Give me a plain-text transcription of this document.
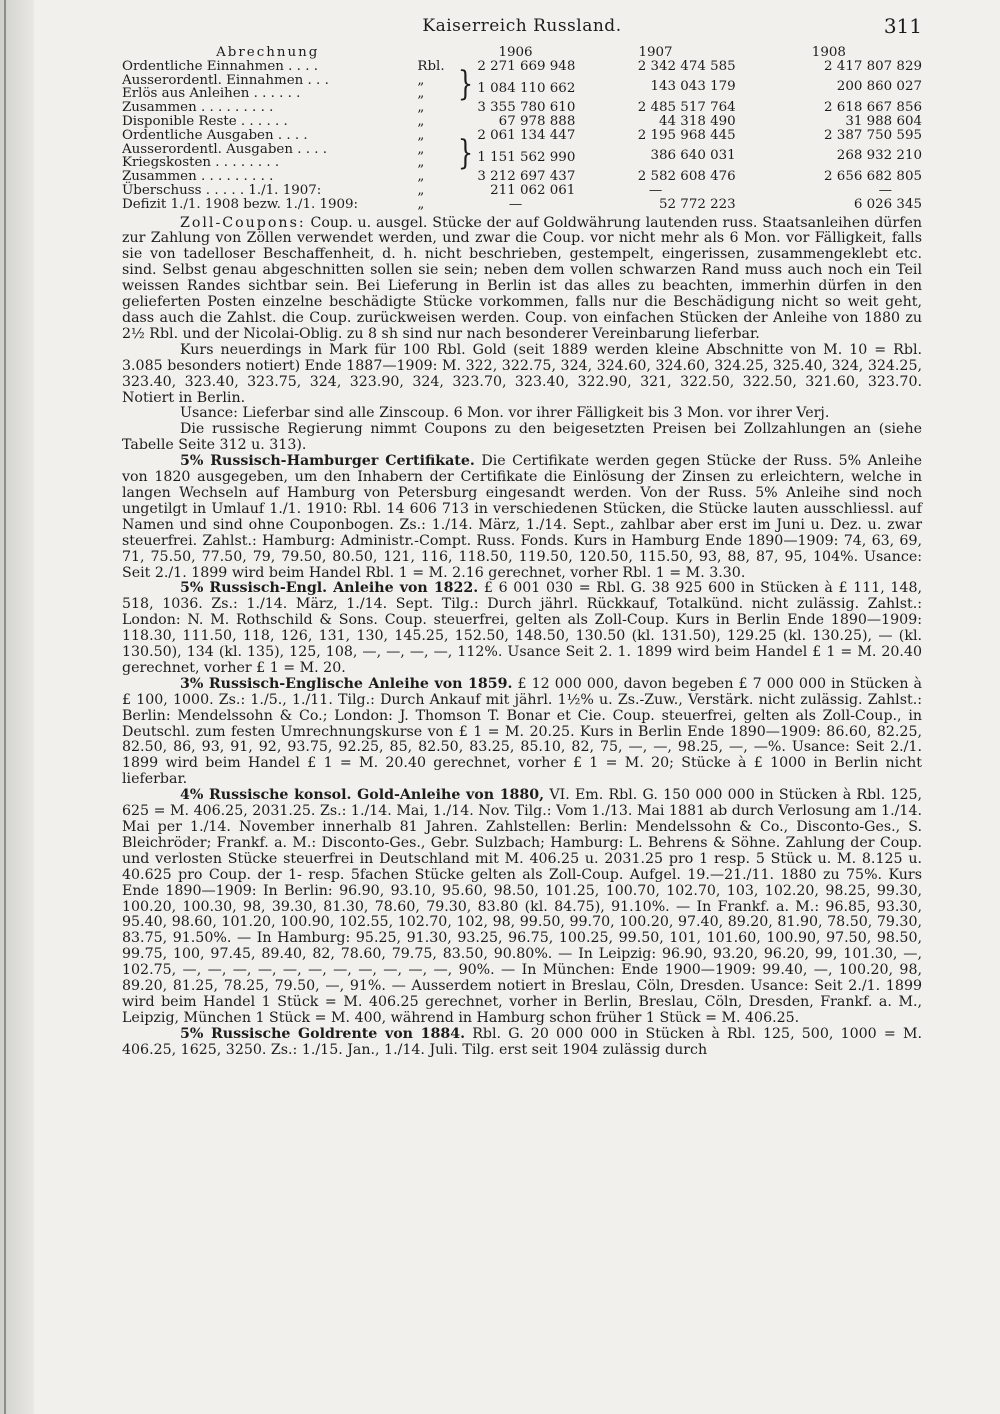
Kaiserreich Russland.	311
Abrechnung		1906	1907	1908
Ordentliche Einnahmen . . . .	Rbl.	2 271 669 948	2 342 474 585	2 417 807 829
Ausserordentl. Einnahmen . . .	„	} 1 084 110 662	143 043 179	200 860 027
Erlös aus Anleihen . . . . . .	„			
Zusammen . . . . . . . . .	„	3 355 780 610	2 485 517 764	2 618 667 856
Disponible Reste . . . . . .	„	67 978 888	44 318 490	31 988 604
Ordentliche Ausgaben . . . .	„	2 061 134 447	2 195 968 445	2 387 750 595
Ausserordentl. Ausgaben . . . .	„	} 1 151 562 990	386 640 031	268 932 210
Kriegskosten . . . . . . . .	„			
Zusammen . . . . . . . . .	„	3 212 697 437	2 582 608 476	2 656 682 805
Überschuss . . . . . 1./1. 1907:	„	211 062 061	—	—
Defizit 1./1. 1908 bezw. 1./1. 1909:	„	—	52 772 223	6 026 345

Zoll-Coupons: Coup. u. ausgel. Stücke der auf Goldwährung lautenden russ. Staatsanleihen dürfen zur Zahlung von Zöllen verwendet werden, und zwar die Coup. vor nicht mehr als 6 Mon. vor Fälligkeit, falls sie von tadelloser Beschaffenheit, d. h. nicht beschrieben, gestempelt, eingerissen, zusammengeklebt etc. sind. Selbst genau abgeschnitten sollen sie sein; neben dem vollen schwarzen Rand muss auch noch ein Teil weissen Randes sichtbar sein. Bei Lieferung in Berlin ist das alles zu beachten, immerhin dürfen in den gelieferten Posten einzelne beschädigte Stücke vorkommen, falls nur die Beschädigung nicht so weit geht, dass auch die Zahlst. die Coup. zurückweisen werden. Coup. von einfachen Stücken der Anleihe von 1880 zu 2½ Rbl. und der Nicolai-Oblig. zu 8 sh sind nur nach besonderer Vereinbarung lieferbar.

Kurs neuerdings in Mark für 100 Rbl. Gold (seit 1889 werden kleine Abschnitte von M. 10 = Rbl. 3.085 besonders notiert) Ende 1887—1909: M. 322, 322.75, 324, 324.60, 324.60, 324.25, 325.40, 324, 324.25, 323.40, 323.40, 323.75, 324, 323.90, 324, 323.70, 323.40, 322.90, 321, 322.50, 322.50, 321.60, 323.70. Notiert in Berlin.

Usance: Lieferbar sind alle Zinscoup. 6 Mon. vor ihrer Fälligkeit bis 3 Mon. vor ihrer Verj.

Die russische Regierung nimmt Coupons zu den beigesetzten Preisen bei Zollzahlungen an (siehe Tabelle Seite 312 u. 313).

5% Russisch-Hamburger Certifikate. Die Certifikate werden gegen Stücke der Russ. 5% Anleihe von 1820 ausgegeben, um den Inhabern der Certifikate die Einlösung der Zinsen zu erleichtern, welche in langen Wechseln auf Hamburg von Petersburg eingesandt werden. Von der Russ. 5% Anleihe sind noch ungetilgt in Umlauf 1./1. 1910: Rbl. 14 606 713 in verschiedenen Stücken, die Stücke lauten ausschliessl. auf Namen und sind ohne Couponbogen. Zs.: 1./14. März, 1./14. Sept., zahlbar aber erst im Juni u. Dez. u. zwar steuerfrei. Zahlst.: Hamburg: Administr.-Compt. Russ. Fonds. Kurs in Hamburg Ende 1890—1909: 74, 63, 69, 71, 75.50, 77.50, 79, 79.50, 80.50, 121, 116, 118.50, 119.50, 120.50, 115.50, 93, 88, 87, 95, 104%. Usance: Seit 2./1. 1899 wird beim Handel Rbl. 1 = M. 2.16 gerechnet, vorher Rbl. 1 = M. 3.30.

5% Russisch-Engl. Anleihe von 1822. £ 6 001 030 = Rbl. G. 38 925 600 in Stücken à £ 111, 148, 518, 1036. Zs.: 1./14. März, 1./14. Sept. Tilg.: Durch jährl. Rückkauf, Totalkünd. nicht zulässig. Zahlst.: London: N. M. Rothschild & Sons. Coup. steuerfrei, gelten als Zoll-Coup. Kurs in Berlin Ende 1890—1909: 118.30, 111.50, 118, 126, 131, 130, 145.25, 152.50, 148.50, 130.50 (kl. 131.50), 129.25 (kl. 130.25), — (kl. 130.50), 134 (kl. 135), 125, 108, —, —, —, —, 112%. Usance Seit 2. 1. 1899 wird beim Handel £ 1 = M. 20.40 gerechnet, vorher £ 1 = M. 20.

3% Russisch-Englische Anleihe von 1859. £ 12 000 000, davon begeben £ 7 000 000 in Stücken à £ 100, 1000. Zs.: 1./5., 1./11. Tilg.: Durch Ankauf mit jährl. 1½% u. Zs.-Zuw., Verstärk. nicht zulässig. Zahlst.: Berlin: Mendelssohn & Co.; London: J. Thomson T. Bonar et Cie. Coup. steuerfrei, gelten als Zoll-Coup., in Deutschl. zum festen Umrechnungskurse von £ 1 = M. 20.25. Kurs in Berlin Ende 1890—1909: 86.60, 82.25, 82.50, 86, 93, 91, 92, 93.75, 92.25, 85, 82.50, 83.25, 85.10, 82, 75, —, —, 98.25, —, —%. Usance: Seit 2./1. 1899 wird beim Handel £ 1 = M. 20.40 gerechnet, vorher £ 1 = M. 20; Stücke à £ 1000 in Berlin nicht lieferbar.

4% Russische konsol. Gold-Anleihe von 1880, VI. Em. Rbl. G. 150 000 000 in Stücken à Rbl. 125, 625 = M. 406.25, 2031.25. Zs.: 1./14. Mai, 1./14. Nov. Tilg.: Vom 1./13. Mai 1881 ab durch Verlosung am 1./14. Mai per 1./14. November innerhalb 81 Jahren. Zahlstellen: Berlin: Mendelssohn & Co., Disconto-Ges., S. Bleichröder; Frankf. a. M.: Disconto-Ges., Gebr. Sulzbach; Hamburg: L. Behrens & Söhne. Zahlung der Coup. und verlosten Stücke steuerfrei in Deutschland mit M. 406.25 u. 2031.25 pro 1 resp. 5 Stück u. M. 8.125 u. 40.625 pro Coup. der 1- resp. 5fachen Stücke gelten als Zoll-Coup. Aufgel. 19.—21./11. 1880 zu 75%. Kurs Ende 1890—1909: In Berlin: 96.90, 93.10, 95.60, 98.50, 101.25, 100.70, 102.70, 103, 102.20, 98.25, 99.30, 100.20, 100.30, 98, 39.30, 81.30, 78.60, 79.30, 83.80 (kl. 84.75), 91.10%. — In Frankf. a. M.: 96.85, 93.30, 95.40, 98.60, 101.20, 100.90, 102.55, 102.70, 102, 98, 99.50, 99.70, 100.20, 97.40, 89.20, 81.90, 78.50, 79.30, 83.75, 91.50%. — In Hamburg: 95.25, 91.30, 93.25, 96.75, 100.25, 99.50, 101, 101.60, 100.90, 97.50, 98.50, 99.75, 100, 97.45, 89.40, 82, 78.60, 79.75, 83.50, 90.80%. — In Leipzig: 96.90, 93.20, 96.20, 99, 101.30, —, 102.75, —, —, —, —, —, —, —, —, —, —, —, 90%. — In München: Ende 1900—1909: 99.40, —, 100.20, 98, 89.20, 81.25, 78.25, 79.50, —, 91%. — Ausserdem notiert in Breslau, Cöln, Dresden. Usance: Seit 2./1. 1899 wird beim Handel 1 Stück = M. 406.25 gerechnet, vorher in Berlin, Breslau, Cöln, Dresden, Frankf. a. M., Leipzig, München 1 Stück = M. 400, während in Hamburg schon früher 1 Stück = M. 406.25.

5% Russische Goldrente von 1884. Rbl. G. 20 000 000 in Stücken à Rbl. 125, 500, 1000 = M. 406.25, 1625, 3250. Zs.: 1./15. Jan., 1./14. Juli. Tilg. erst seit 1904 zulässig durch
